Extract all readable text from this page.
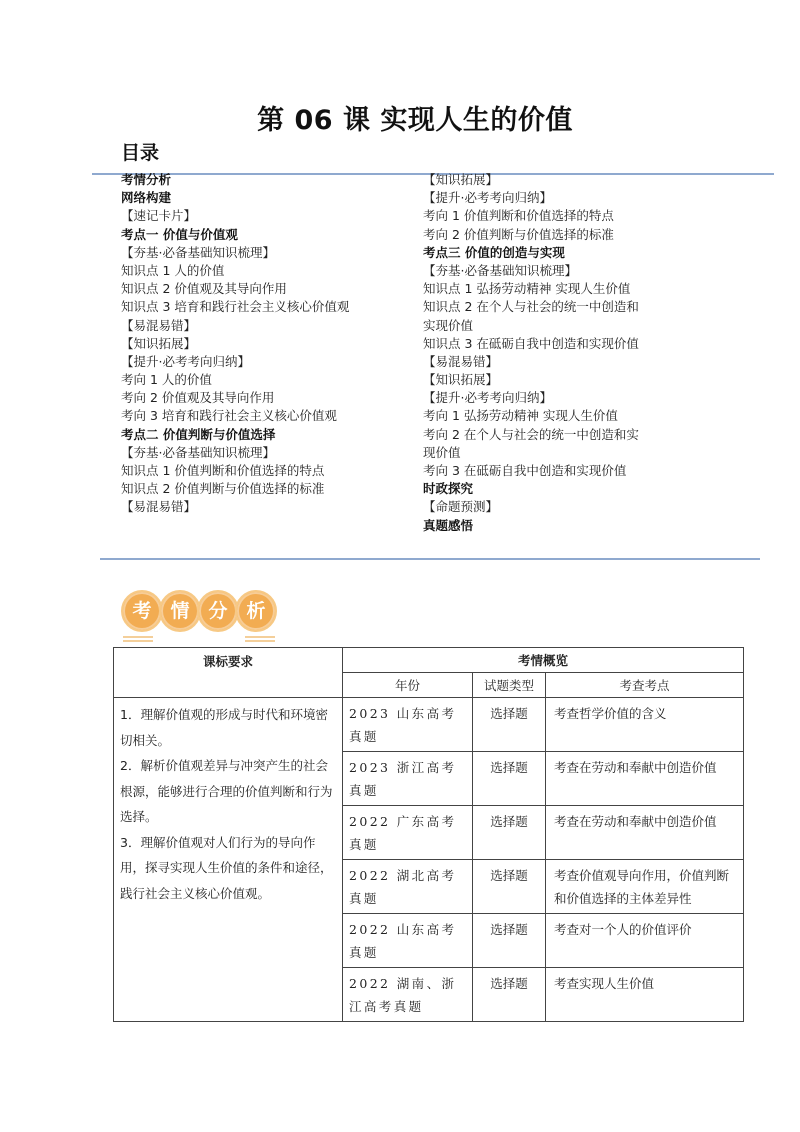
第 06 课 实现人生的价值
目录
考情分析
网络构建
【速记卡片】
考点一 价值与价值观
【夯基·必备基础知识梳理】
知识点 1 人的价值
知识点 2 价值观及其导向作用
知识点 3 培育和践行社会主义核心价值观
【易混易错】
【知识拓展】
【提升·必考考向归纳】
考向 1 人的价值
考向 2 价值观及其导向作用
考向 3 培育和践行社会主义核心价值观
考点二 价值判断与价值选择
【夯基·必备基础知识梳理】
知识点 1 价值判断和价值选择的特点
知识点 2 价值判断与价值选择的标准
【易混易错】
【知识拓展】
【提升·必考考向归纳】
考向 1 价值判断和价值选择的特点
考向 2 价值判断与价值选择的标准
考点三 价值的创造与实现
【夯基·必备基础知识梳理】
知识点 1 弘扬劳动精神 实现人生价值
知识点 2 在个人与社会的统一中创造和
实现价值
知识点 3 在砥砺自我中创造和实现价值
【易混易错】
【知识拓展】
【提升·必考考向归纳】
考向 1 弘扬劳动精神 实现人生价值
考向 2 在个人与社会的统一中创造和实
现价值
考向 3 在砥砺自我中创造和实现价值
时政探究
【命题预测】
真题感悟
考 情 分 析
课标要求	考情概览		
	年份	试题类型	考查考点

1．理解价值观的形成与时代和环境密切相关。

2．解析价值观差异与冲突产生的社会根源，能够进行合理的价值判断和行为选择。

3．理解价值观对人们行为的导向作用，探寻实现人生价值的条件和途径，践行社会主义核心价值观。	2023 山东高考真题	选择题	考查哲学价值的含义
	2023 浙江高考真题	选择题	考查在劳动和奉献中创造价值
	2022 广东高考真题	选择题	考查在劳动和奉献中创造价值
	2022 湖北高考真题	选择题	考查价值观导向作用，价值判断和价值选择的主体差异性
	2022 山东高考真题	选择题	考查对一个人的价值评价
	2022 湖南、浙江高考真题	选择题	考查实现人生价值
